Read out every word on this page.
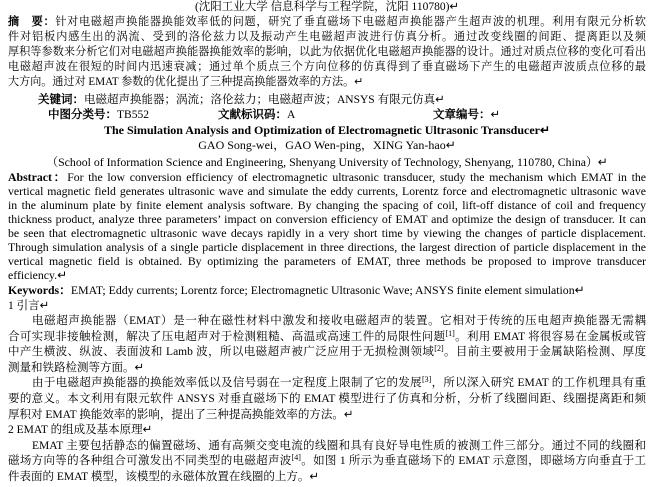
(沈阳工业大学 信息科学与工程学院，沈阳 110780)↵
摘　要：针对电磁超声换能器换能效率低的问题，研究了垂直磁场下电磁超声换能器产生超声波的机理。利用有限元分析软
件对铝板内感生出的涡流、受到的洛伦兹力以及振动产生电磁超声波进行仿真分析。通过改变线圈的间距、提离距以及频
厚积等参数来分析它们对电磁超声换能器换能效率的影响，以此为依据优化电磁超声换能器的设计。通过对质点位移的变化可看出
电磁超声波在很短的时间内迅速衰减；通过单个质点三个方向位移的仿真得到了垂直磁场下产生的电磁超声波质点位移的最
大方向。通过对 EMAT 参数的优化提出了三种提高换能器效率的方法。↵
关键词：电磁超声换能器；涡流；洛伦兹力；电磁超声波；ANSYS 有限元仿真↵
中图分类号：TB552	文献标识码：A	文章编号：↵
The Simulation Analysis and Optimization of Electromagnetic Ultrasonic Transducer↵
GAO Song-wei，GAO Wen-ping，XING Yan-hao↵
（School of Information Science and Engineering, Shenyang University of Technology, Shenyang, 110780, China）↵
Abstract：For the low conversion efficiency of electromagnetic ultrasonic transducer, study the mechanism which EMAT in the
vertical magnetic field generates ultrasonic wave and simulate the eddy currents, Lorentz force and electromagnetic ultrasonic wave
in the aluminum plate by finite element analysis software. By changing the spacing of coil, lift-off distance of coil and frequency
thickness product, analyze three parameters’ impact on conversion efficiency of EMAT and optimize the design of transducer. It can
be seen that electromagnetic ultrasonic wave decays rapidly in a very short time by viewing the changes of particle displacement.
Through simulation analysis of a single particle displacement in three directions, the largest direction of particle displacement in the
vertical magnetic field is obtained. By optimizing the parameters of EMAT, three methods be proposed to improve transducer
efficiency.↵
Keywords：EMAT; Eddy currents; Lorentz force; Electromagnetic Ultrasonic Wave; ANSYS finite element simulation↵
1 引言↵
电磁超声换能器（EMAT）是一种在磁性材料中激发和接收电磁超声的装置。它相对于传统的压电超声换能器无需耦
合可实现非接触检测，解决了压电超声对于检测粗糙、高温或高速工件的局限性问题[1]。利用 EMAT 将很容易在金属板或管
中产生横波、纵波、表面波和 Lamb 波，所以电磁超声被广泛应用于无损检测领域[2]。目前主要被用于金属缺陷检测、厚度
测量和铁路检测等方面。↵
由于电磁超声换能器的换能效率低以及信号弱在一定程度上限制了它的发展[3]，所以深入研究 EMAT 的工作机理具有重
要的意义。本文利用有限元软件 ANSYS 对垂直磁场下的 EMAT 模型进行了仿真和分析，分析了线圈间距、线圈提离距和频
厚积对 EMAT 换能效率的影响，提出了三种提高换能效率的方法。↵
2 EMAT 的组成及基本原理↵
EMAT 主要包括静态的偏置磁场、通有高频交变电流的线圈和具有良好导电性质的被测工件三部分。通过不同的线圈和
磁场方向等的各种组合可激发出不同类型的电磁超声波[4]。如图 1 所示为垂直磁场下的 EMAT 示意图，即磁场方向垂直于工
件表面的 EMAT 模型，该模型的永磁体放置在线圈的上方。↵
